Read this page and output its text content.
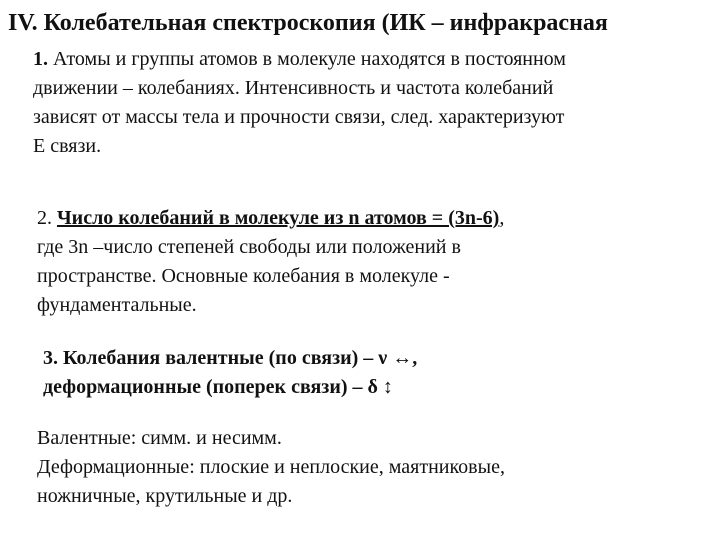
IV. Колебательная спектроскопия (ИК – инфракрасная
1. Атомы и группы атомов в молекуле находятся в постоянном
движении – колебаниях. Интенсивность и частота колебаний
зависят от массы тела и прочности связи, след. характеризуют
Е связи.
2. Число колебаний в молекуле из n атомов = (3n-6),
где 3n –число степеней свободы или положений в
пространстве. Основные колебания в молекуле -
фундаментальные.
3. Колебания валентные (по связи) – ν ↔,
деформационные (поперек связи) – δ ↕
Валентные: симм. и несимм.
Деформационные: плоские и неплоские, маятниковые,
ножничные, крутильные и др.
